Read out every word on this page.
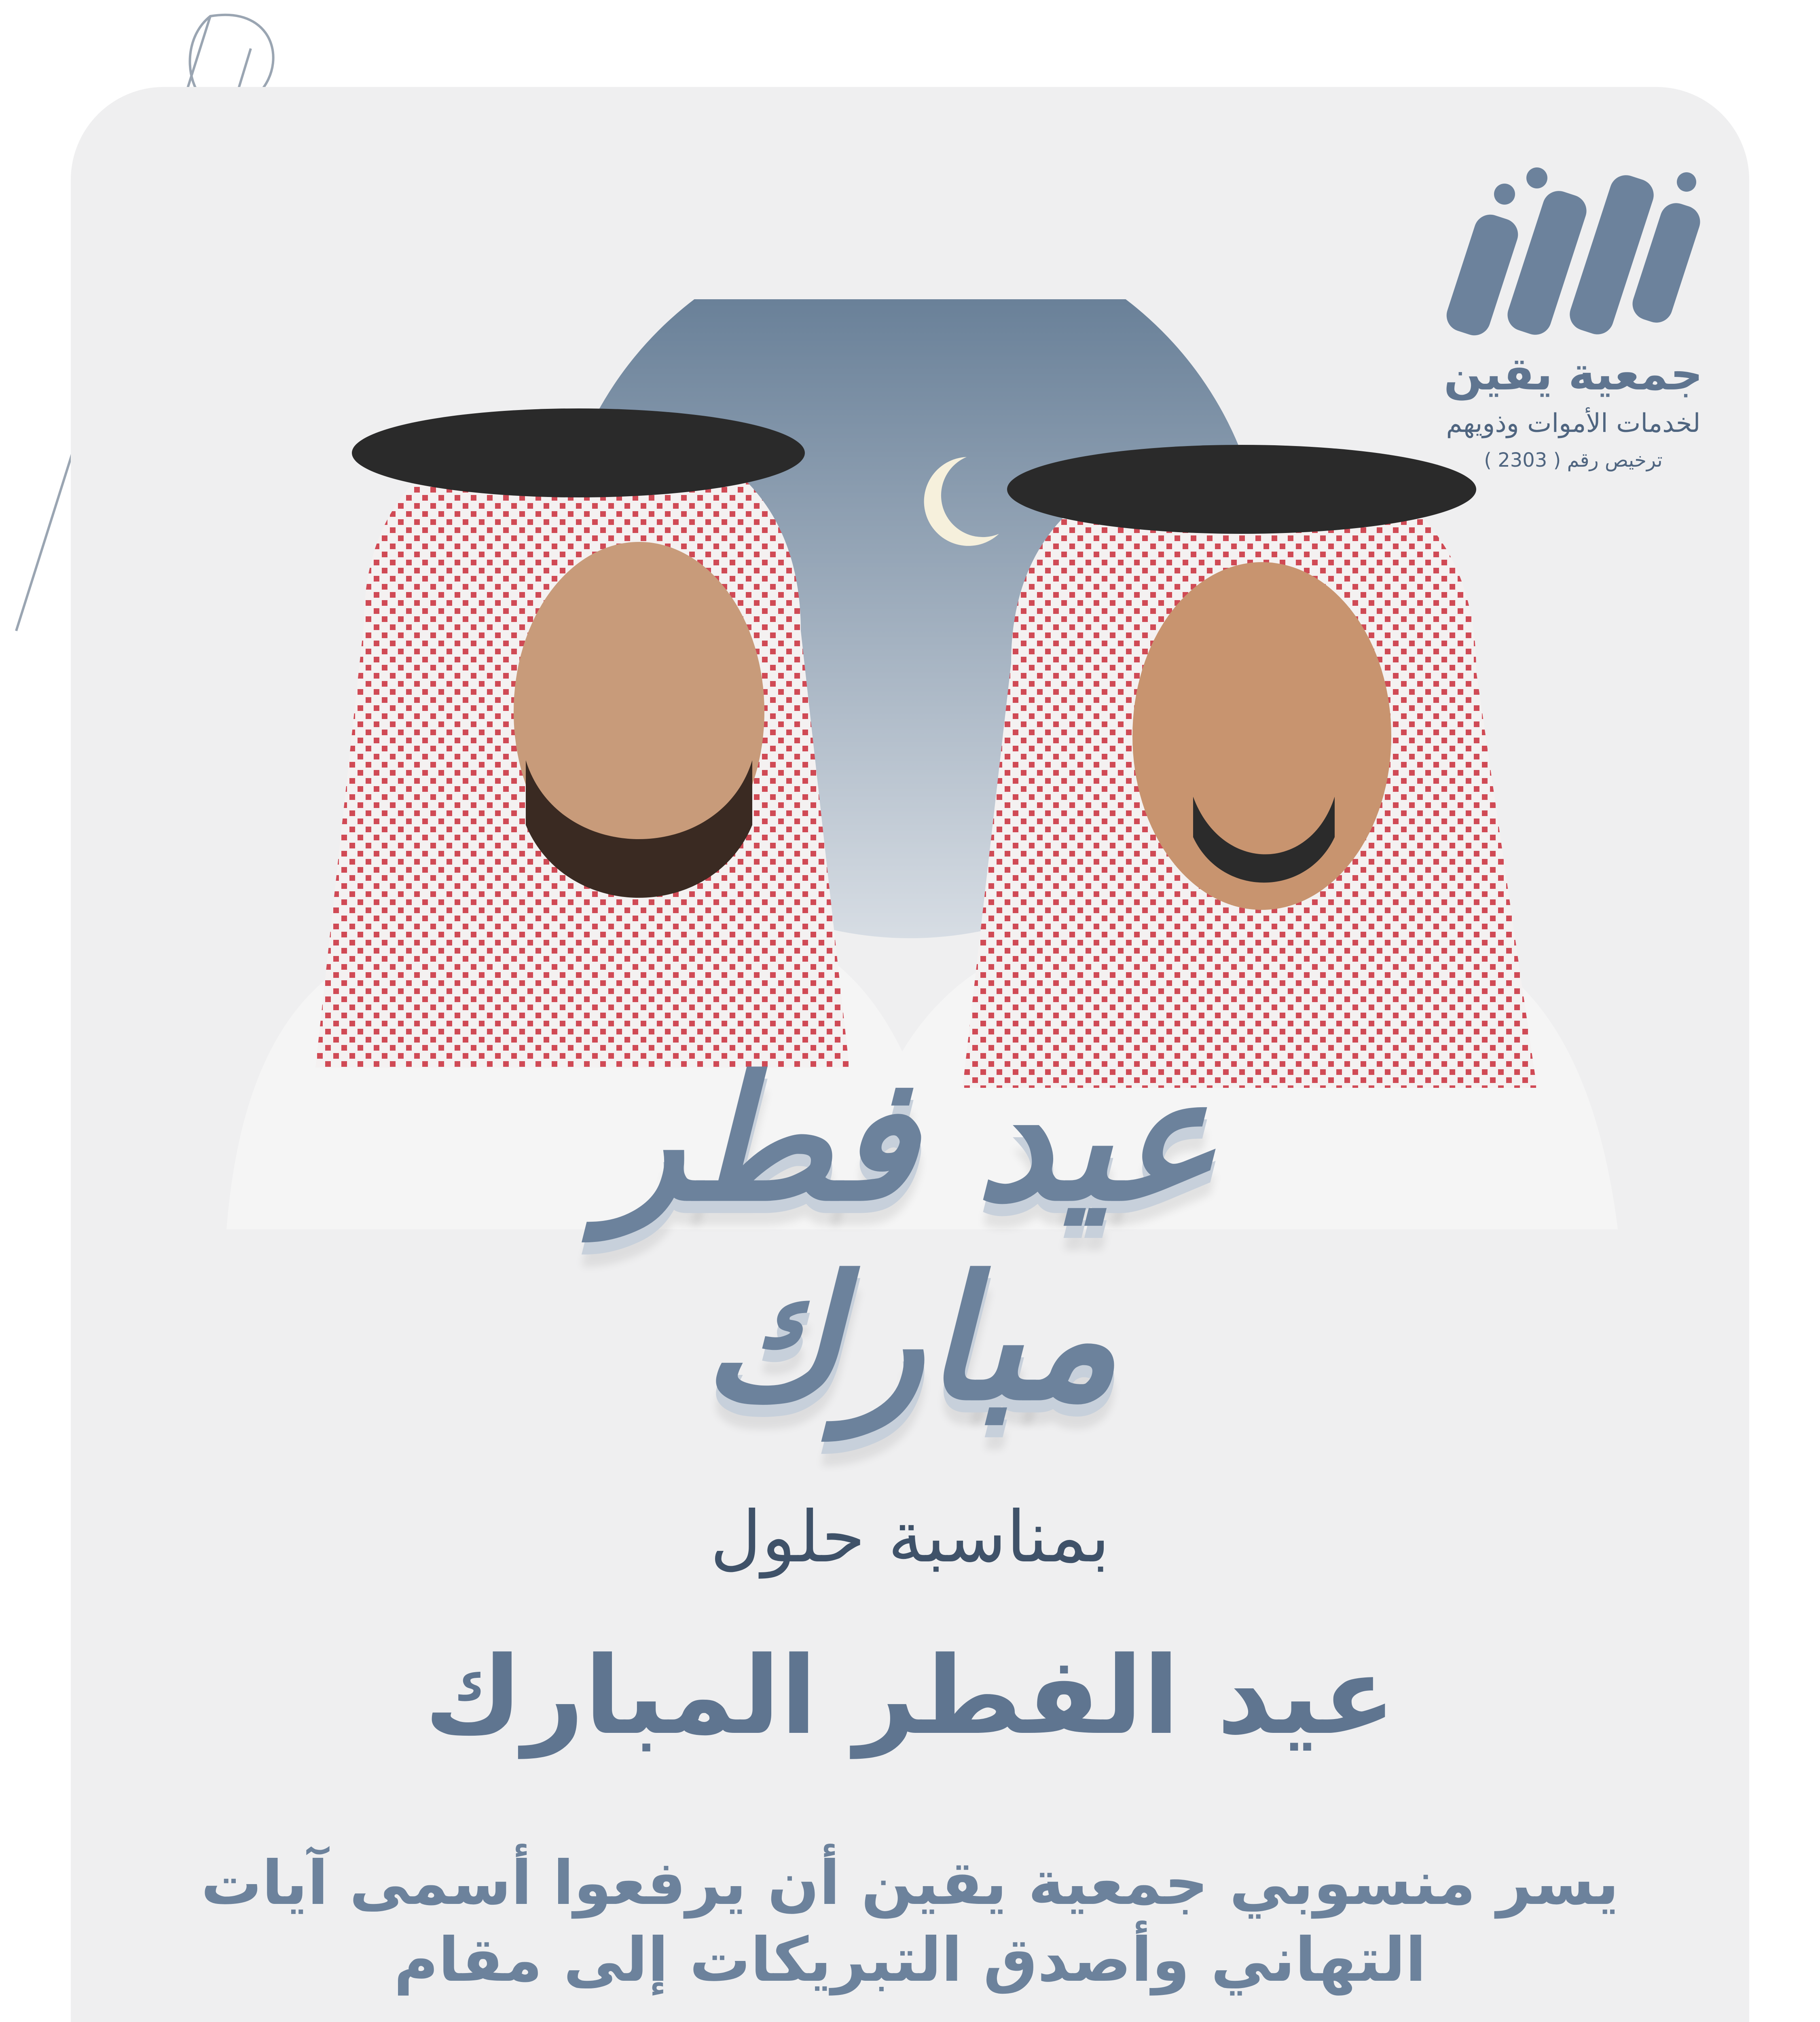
جمعية يقين
لخدمات الأموات وذويهم
ترخيص رقم ( 2303 )
عيد فطر مبارك
بمناسبة حلول
عيد الفطر المبارك
يسر منسوبي جمعية يقين أن يرفعوا أسمى آيات
التهاني وأصدق التبريكات إلى مقام
